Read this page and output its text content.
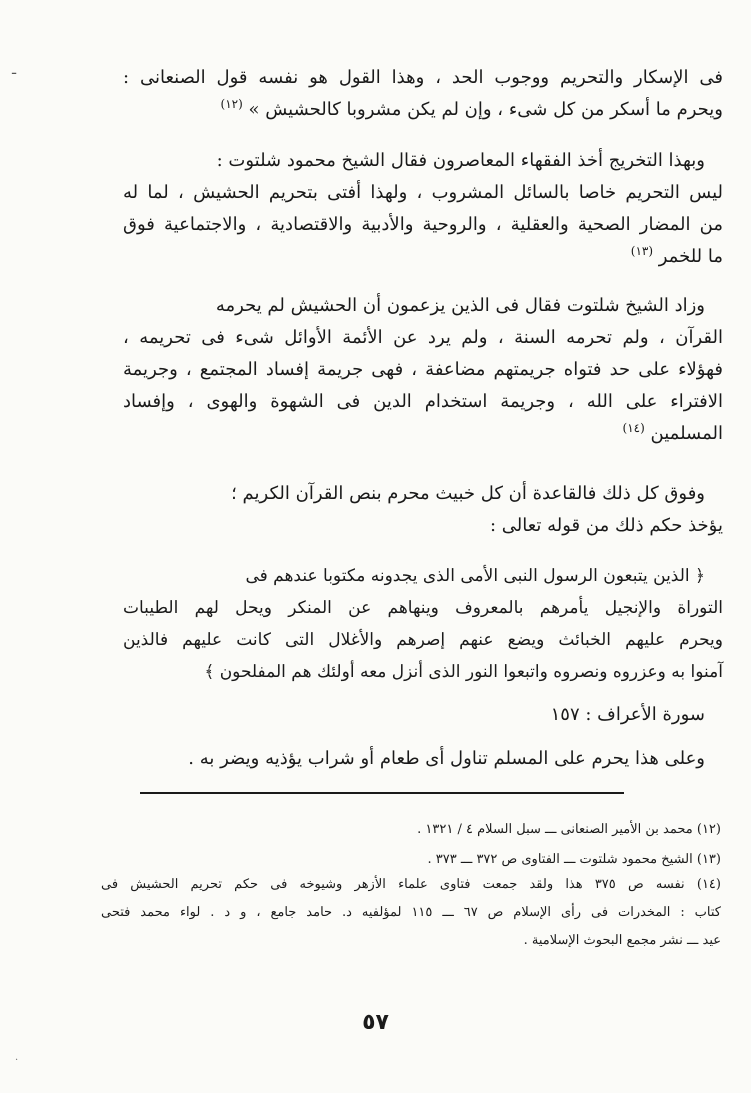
ـ	فى الإسكار والتحريم ووجوب الحد ، وهذا القول هو نفسه قول الصنعانى :
ويحرم ما أسكر من كل شىء ، وإن لم يكن مشروبا كالحشيش » $^{(١٢)}$
وبهذا التخريج أخذ الفقهاء المعاصرون فقال الشيخ محمود شلتوت :
ليس التحريم خاصا بالسائل المشروب ، ولهذا أفتى بتحريم الحشيش ، لما له
من المضار الصحية والعقلية ، والروحية والأدبية والاقتصادية ، والاجتماعية فوق
ما للخمر $^{(١٣)}$
وزاد الشيخ شلتوت فقال فى الذين يزعمون أن الحشيش لم يحرمه
القرآن ، ولم تحرمه السنة ، ولم يرد عن الأئمة الأوائل شىء فى تحريمه ،
فهؤلاء على حد فتواه جريمتهم مضاعفة ، فهى جريمة إفساد المجتمع ، وجريمة
الافتراء على الله ، وجريمة استخدام الدين فى الشهوة والهوى ، وإفساد
المسلمين $^{(١٤)}$
وفوق كل ذلك فالقاعدة أن كل خبيث محرم بنص القرآن الكريم ؛
يؤخذ حكم ذلك من قوله تعالى :
﴿ الذين يتبعون الرسول النبى الأمى الذى يجدونه مكتوبا عندهم فى
التوراة والإنجيل يأمرهم بالمعروف وينهاهم عن المنكر ويحل لهم الطيبات
ويحرم عليهم الخبائث ويضع عنهم إصرهم والأغلال التى كانت عليهم فالذين
آمنوا به وعزروه ونصروه واتبعوا النور الذى أنزل معه أولئك هم المفلحون ﴾
سورة الأعراف : ١٥٧
وعلى هذا يحرم على المسلم تناول أى طعام أو شراب يؤذيه ويضر به .
(١٢) محمد بن الأمير الصنعانى ـــ سبل السلام ٤ / ١٣٢١ .
(١٣) الشيخ محمود شلتوت ـــ الفتاوى ص ٣٧٢ ـــ ٣٧٣ .
(١٤) نفسه ص ٣٧٥ هذا ولقد جمعت فتاوى علماء الأزهر وشيوخه فى حكم تحريم الحشيش فى
كتاب : المخدرات فى رأى الإسلام ص ٦٧ ـــ ١١٥ لمؤلفيه د. حامد جامع ، و د . لواء محمد فتحى
عيد ـــ نشر مجمع البحوث الإسلامية .
٥٧
·
